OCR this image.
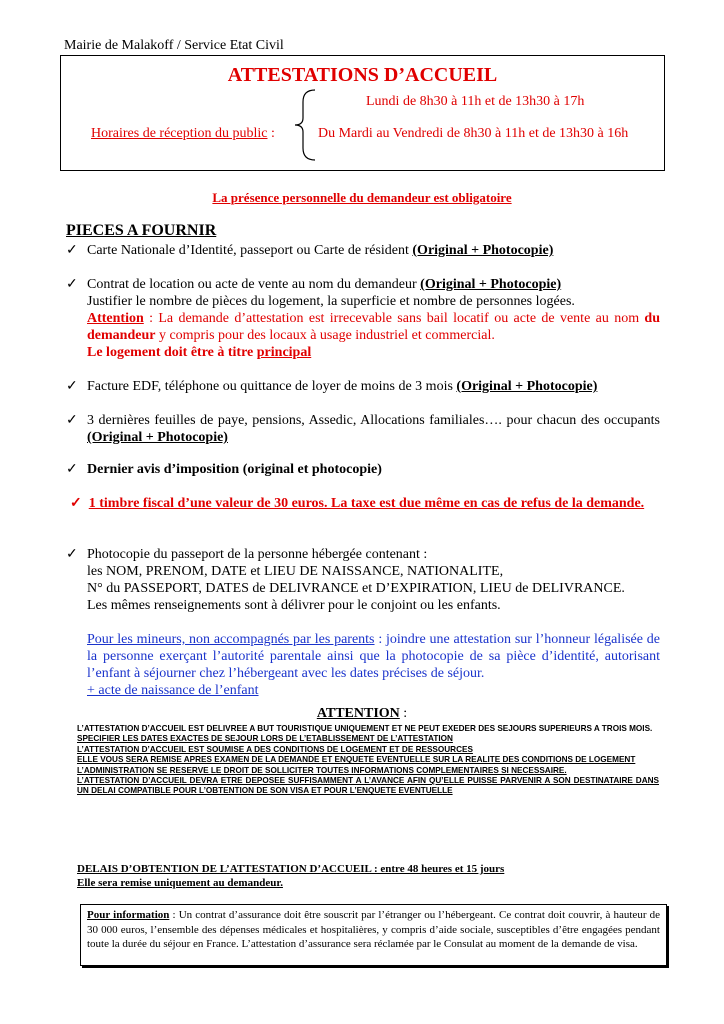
Mairie de Malakoff / Service Etat Civil
ATTESTATIONS D’ACCUEIL
Horaires de réception du public :
Lundi de 8h30 à 11h et de 13h30 à 17h
Du Mardi au Vendredi de 8h30 à 11h et de 13h30 à 16h
La présence personnelle du demandeur est obligatoire
PIECES A FOURNIR
✓ Carte Nationale d’Identité, passeport ou Carte de résident (Original + Photocopie)
✓ Contrat de location ou acte de vente au nom du demandeur (Original + Photocopie)
Justifier le nombre de pièces du logement, la superficie et nombre de personnes logées.
Attention : La demande d’attestation est irrecevable sans bail locatif ou acte de vente au nom du demandeur y compris pour des locaux à usage industriel et commercial.
Le logement doit être à titre principal
✓ Facture EDF, téléphone ou quittance de loyer de moins de 3 mois (Original + Photocopie)
✓ 3 dernières feuilles de paye, pensions, Assedic, Allocations familiales…. pour chacun des occupants (Original + Photocopie)
✓ Dernier avis d’imposition (original et photocopie)
✓ 1 timbre fiscal d’une valeur de 30 euros. La taxe est due même en cas de refus de la demande.
✓ Photocopie du passeport de la personne hébergée contenant :
les NOM, PRENOM, DATE et LIEU DE NAISSANCE, NATIONALITE,
N° du PASSEPORT, DATES de DELIVRANCE et D’EXPIRATION, LIEU de DELIVRANCE.
Les mêmes renseignements sont à délivrer pour le conjoint ou les enfants.
Pour les mineurs, non accompagnés par les parents : joindre une attestation sur l’honneur légalisée de la personne exerçant l’autorité parentale ainsi que la photocopie de sa pièce d’identité, autorisant l’enfant à séjourner chez l’hébergeant avec les dates précises de séjour.
+ acte de naissance de l’enfant
ATTENTION :

L’ATTESTATION D’ACCUEIL EST DELIVREE A BUT TOURISTIQUE UNIQUEMENT ET NE PEUT EXEDER DES SEJOURS SUPERIEURS A TROIS MOIS.

SPECIFIER LES DATES EXACTES DE SEJOUR LORS DE L’ETABLISSEMENT DE L’ATTESTATION

L’ATTESTATION D’ACCUEIL EST SOUMISE A DES CONDITIONS DE LOGEMENT ET DE RESSOURCES

ELLE VOUS SERA REMISE APRES EXAMEN DE LA DEMANDE ET ENQUETE EVENTUELLE SUR LA REALITE DES CONDITIONS DE LOGEMENT

L’ADMINISTRATION SE RESERVE LE DROIT DE SOLLICITER TOUTES INFORMATIONS COMPLEMENTAIRES SI NECESSAIRE.

L’ATTESTATION D’ACCUEIL DEVRA ETRE DEPOSEE SUFFISAMMENT A L’AVANCE AFIN QU’ELLE PUISSE PARVENIR A SON DESTINATAIRE DANS UN DELAI COMPATIBLE POUR L’OBTENTION DE SON VISA ET POUR L’ENQUETE EVENTUELLE

DELAIS D’OBTENTION DE L’ATTESTATION D’ACCUEIL : entre 48 heures et 15 jours
Elle sera remise uniquement au demandeur.
Pour information : Un contrat d’assurance doit être souscrit par l’étranger ou l’hébergeant. Ce contrat doit couvrir, à hauteur de 30 000 euros, l’ensemble des dépenses médicales et hospitalières, y compris d’aide sociale, susceptibles d’être engagées pendant toute la durée du séjour en France. L’attestation d’assurance sera réclamée par le Consulat au moment de la demande de visa.
